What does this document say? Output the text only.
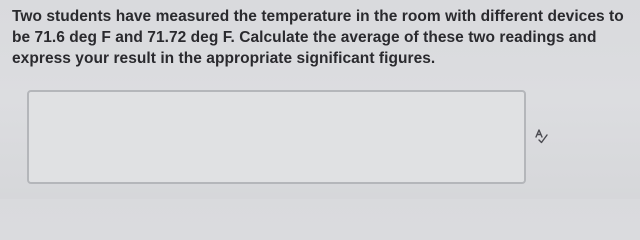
Two students have measured the temperature in the room with different devices to
be 71.6 deg F and 71.72 deg F. Calculate the average of these two readings and
express your result in the appropriate significant figures.
